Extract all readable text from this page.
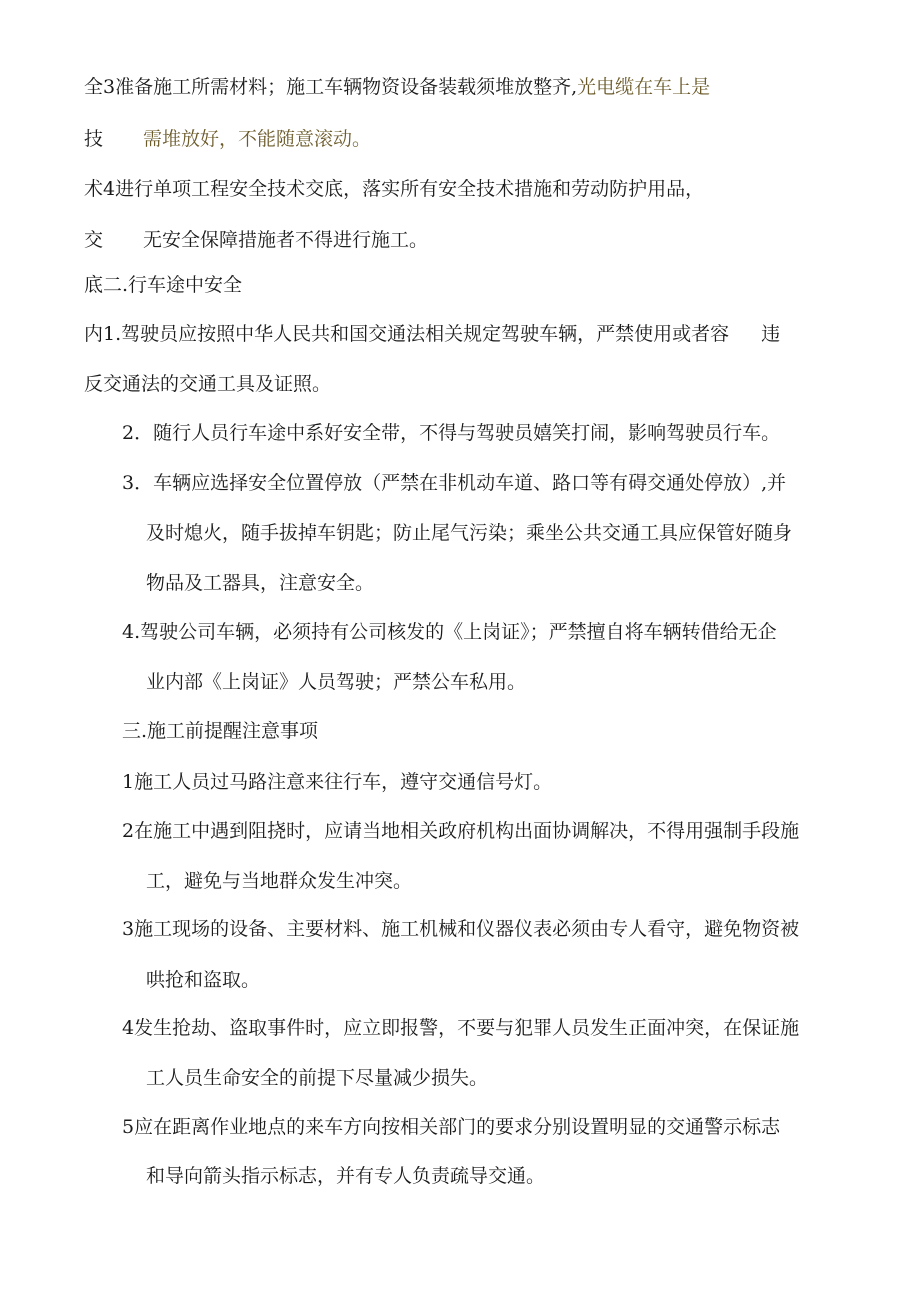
全3准备施工所需材料；施工车辆物资设备装载须堆放整齐,光电缆在车上是
技 需堆放好，不能随意滚动。
术4进行单项工程安全技术交底，落实所有安全技术措施和劳动防护用品，
交 无安全保障措施者不得进行施工。
底二.行车途中安全
内1.驾驶员应按照中华人民共和国交通法相关规定驾驶车辆，严禁使用或者容 违
反交通法的交通工具及证照。
2．随行人员行车途中系好安全带，不得与驾驶员嬉笑打闹，影响驾驶员行车。
3．车辆应选择安全位置停放（严禁在非机动车道、路口等有碍交通处停放）,并
及时熄火，随手拔掉车钥匙；防止尾气污染；乘坐公共交通工具应保管好随身
物品及工器具，注意安全。
4.驾驶公司车辆，必须持有公司核发的《上岗证》；严禁擅自将车辆转借给无企
业内部《上岗证》人员驾驶；严禁公车私用。
三.施工前提醒注意事项
1施工人员过马路注意来往行车，遵守交通信号灯。
2在施工中遇到阻挠时，应请当地相关政府机构出面协调解决，不得用强制手段施
工，避免与当地群众发生冲突。
3施工现场的设备、主要材料、施工机械和仪器仪表必须由专人看守，避免物资被
哄抢和盗取。
4发生抢劫、盗取事件时，应立即报警，不要与犯罪人员发生正面冲突，在保证施
工人员生命安全的前提下尽量减少损失。
5应在距离作业地点的来车方向按相关部门的要求分别设置明显的交通警示标志
和导向箭头指示标志，并有专人负责疏导交通。
